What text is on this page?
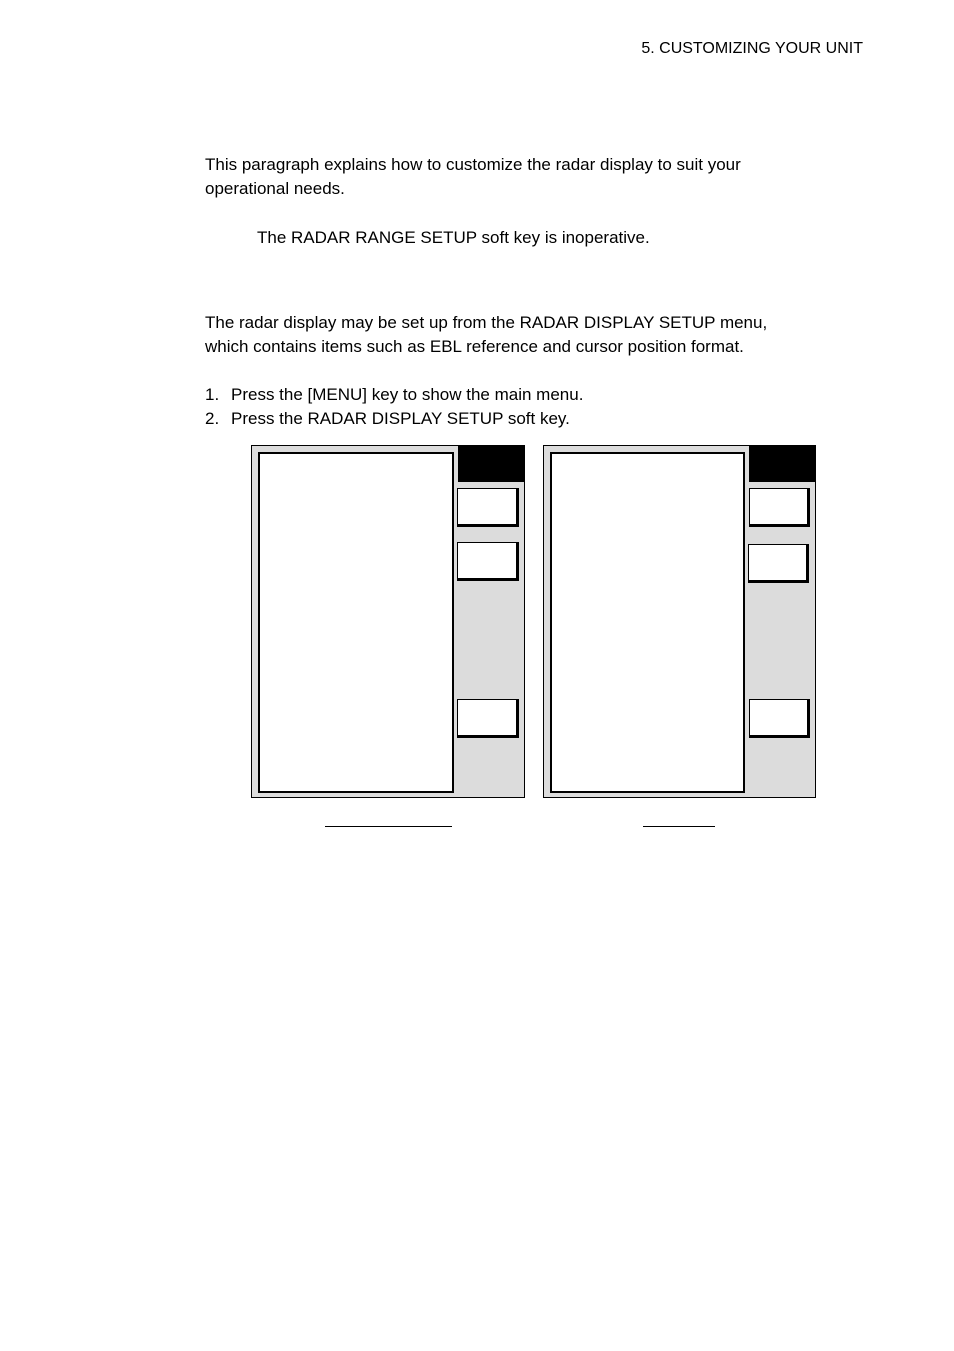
5. CUSTOMIZING YOUR UNIT
This paragraph explains how to customize the radar display to suit your
operational needs.
The RADAR RANGE SETUP soft key is inoperative.
The radar display may be set up from the RADAR DISPLAY SETUP menu,
which contains items such as EBL reference and cursor position format.
1. Press the [MENU] key to show the main menu.
2. Press the RADAR DISPLAY SETUP soft key.
